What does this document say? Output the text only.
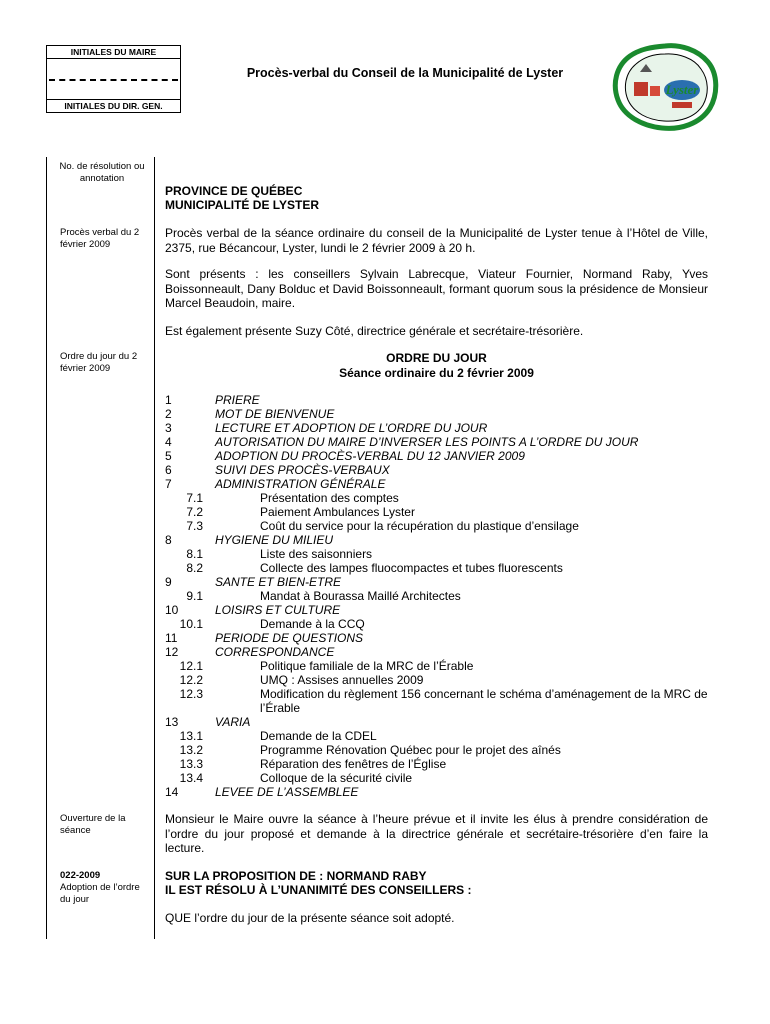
INITIALES DU MAIRE
INITIALES DU DIR. GEN.
Procès-verbal du Conseil de la Municipalité de Lyster
Lyster
No. de résolution ou annotation
Procès verbal du 2 février 2009
Ordre du jour du 2 février 2009
Ouverture de la séance
022-2009
Adoption de l’ordre du jour
PROVINCE DE QUÉBEC
MUNICIPALITÉ DE LYSTER
Procès verbal de la séance ordinaire du conseil de la Municipalité de Lyster tenue à l’Hôtel de Ville, 2375, rue Bécancour, Lyster, lundi le 2 février 2009 à 20 h.
Sont présents : les conseillers Sylvain Labrecque, Viateur Fournier, Normand Raby, Yves Boissonneault, Dany Bolduc et David Boissonneault, formant quorum sous la présidence de Monsieur Marcel Beaudoin, maire.
Est également présente Suzy Côté, directrice générale et secrétaire-trésorière.
ORDRE DU JOUR
Séance ordinaire du 2 février 2009
1	PRIERE
2	MOT DE BIENVENUE
3	LECTURE ET ADOPTION DE L’ORDRE DU JOUR
4	AUTORISATION DU MAIRE D’INVERSER LES POINTS A L’ORDRE DU JOUR
5	ADOPTION DU PROCÈS-VERBAL DU 12 JANVIER 2009
6	SUIVI DES PROCÈS-VERBAUX
7	ADMINISTRATION GÉNÉRALE
7.1	Présentation des comptes
7.2	Paiement Ambulances Lyster
7.3	Coût du service pour la récupération du plastique d’ensilage
8	HYGIENE DU MILIEU
8.1	Liste des saisonniers
8.2	Collecte des lampes fluocompactes et tubes fluorescents
9	SANTE ET BIEN-ETRE
9.1	Mandat à Bourassa Maillé Architectes
10	LOISIRS ET CULTURE
10.1	Demande à la CCQ
11	PERIODE DE QUESTIONS
12	CORRESPONDANCE
12.1	Politique familiale de la MRC de l’Érable
12.2	UMQ : Assises annuelles 2009
12.3	Modification du règlement 156 concernant le schéma d’aménagement de la MRC de l’Érable
13	VARIA
13.1	Demande de la CDEL
13.2	Programme Rénovation Québec pour le projet des aînés
13.3	Réparation des fenêtres de l’Église
13.4	Colloque de la sécurité civile
14	LEVEE DE L’ASSEMBLEE
Monsieur le Maire ouvre la séance à l’heure prévue et il invite les élus à prendre considération de l’ordre du jour proposé et demande à la directrice générale et secrétaire-trésorière d’en faire la lecture.
SUR LA PROPOSITION DE : NORMAND RABY
IL EST RÉSOLU À L’UNANIMITÉ DES CONSEILLERS :
QUE l’ordre du jour de la présente séance soit adopté.
